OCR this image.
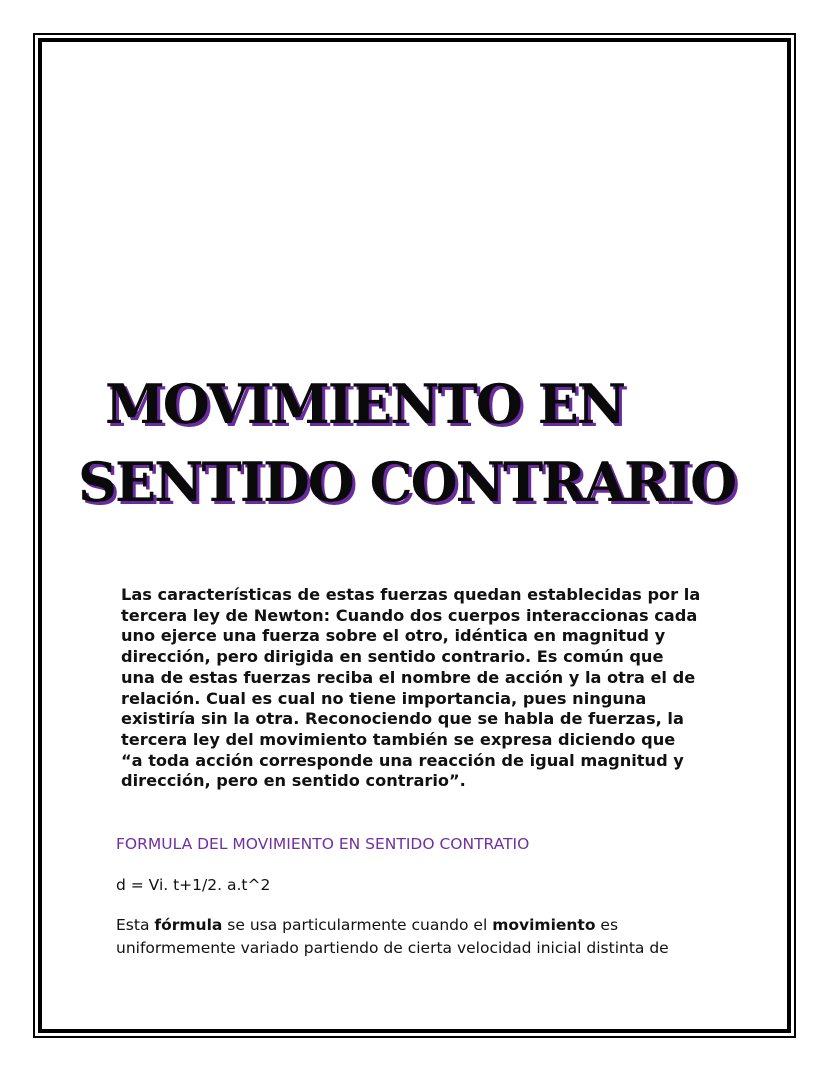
MOVIMIENTO EN
SENTIDO CONTRARIO
Las características de estas fuerzas quedan establecidas por la tercera ley de Newton: Cuando dos cuerpos interaccionas cada uno ejerce una fuerza sobre el otro, idéntica en magnitud y dirección, pero dirigida en sentido contrario. Es común que una de estas fuerzas reciba el nombre de acción y la otra el de relación. Cual es cual no tiene importancia, pues ninguna existiría sin la otra. Reconociendo que se habla de fuerzas, la tercera ley del movimiento también se expresa diciendo que “a toda acción corresponde una reacción de igual magnitud y dirección, pero en sentido contrario”.
FORMULA DEL MOVIMIENTO EN SENTIDO CONTRATIO
d = Vi. t+1/2. a.t^2
Esta fórmula se usa particularmente cuando el movimiento es uniformemente variado partiendo de cierta velocidad inicial distinta de
